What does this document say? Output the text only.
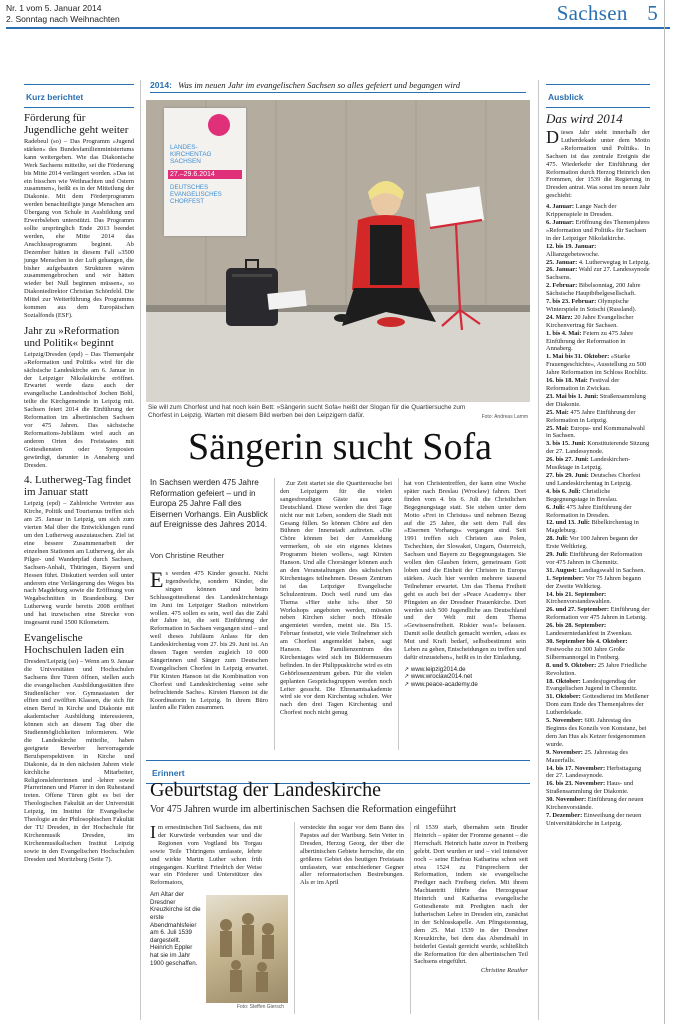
Nr. 1 vom 5. Januar 2014
2. Sonntag nach Weihnachten	Sachsen 5
Kurz berichtet
Förderung für Jugendliche geht weiter

Radebeul (so) – Das Programm »Jugend stärken« des Bundesfamilienministeriums kann weitergeben. Wie das Diakonische Werk Sachsens mitteilte, sei die Förderung bis Mitte 2014 verlängert worden. »Das ist ein bisschen wie Weihnachten und Ostern zusammen«, heißt es in der Mitteilung der Diakonie. Mit dem Förderprogramm werden benachteiligte junge Menschen am Übergang von Schule in Ausbildung und Erwerbsleben unterstützt. Das Programm sollte ursprünglich Ende 2013 beendet werden, ehe Mitte 2014 das Anschlussprogramm beginnt. Ab Dezember hätten in diesem Fall »3500 junge Menschen in der Luft gehangen, die bisher aufgebauten Strukturen wären zusammengebrochen und wir hätten wieder bei Null beginnen müssen«, so Diakoniedirektor Christian Schönfeld. Die Mittel zur Weiterführung des Programms kommen aus dem Europäischen Sozialfonds (ESF).

Jahr zu »Reformation und Politik« beginnt

Leipzig/Dresden (epd) – Das Themenjahr »Reformation und Politik« wird für die sächsische Landeskirche am 6. Januar in der Leipziger Nikolaikirche eröffnet. Erwartet werde dazu auch der evangelische Landesbischof Jochen Bohl, teilte die Kirchgemeinde in Leipzig mit. Sachsen feiert 2014 die Einführung der Reformation im albertinischen Sachsen vor 475 Jahren. Das sächsische Reformations-Jubiläum wird auch an anderen Orten des Freistaates mit Gottesdiensten oder Symposien gewürdigt, darunter in Annaberg und Dresden.

4. Lutherweg-Tag findet im Januar statt

Leipzig (epd) – Zahlreiche Vertreter aus Kirche, Politik und Tourismus treffen sich am 25. Januar in Leipzig, um sich zum vierten Mal über die Entwicklungen rund um den Lutherweg auszutauschen. Ziel ist eine bessere Zusammenarbeit der einzelnen Stationen am Lutherweg, der als Pilger- und Wanderpfad durch Sachsen, Sachsen-Anhalt, Thüringen, Bayern und Hessen führt. Diskutiert werden soll unter anderem eine Verlängerung des Weges bis nach Magdeburg sowie die Eröffnung von Wegabschnitten in Brandenburg. Der Lutherweg wurde bereits 2008 eröffnet und hat inzwischen eine Strecke von insgesamt rund 1500 Kilometern.

Evangelische Hochschulen laden ein

Dresden/Leipzig (so) – Wenn am 9. Januar die Universitäten und Hochschulen Sachsens ihre Türen öffnen, stellen auch die evangelischen Ausbildungsstätten ihre Studienfächer vor. Gymnasiasten der elften und zwölften Klassen, die sich für einen Beruf in Kirche und Diakonie mit akademischer Ausbildung interessieren, können sich an diesem Tag über die Studienmöglichkeiten informieren. Wie die Landeskirche mitteilte, haben geeignete Bewerber hervorragende Berufsperspektiven in Kirche und Diakonie, da in den nächsten Jahren viele kirchliche Mitarbeiter, Religionslehrerinnen und -lehrer sowie Pfarrerinnen und Pfarrer in den Ruhestand treten. Offene Türen gibt es bei der Theologischen Fakultät an der Universität Leipzig, im Institut für Evangelische Theologie an der Philosophischen Fakultät der TU Dresden, in der Hochschule für Kirchenmusik Dresden, im Kirchenmusikalischen Institut Leipzig sowie in den Evangelischen Hochschulen Dresden und Moritzburg (Seite 7).

2014: Was im neuen Jahr im evangelischen Sachsen so alles gefeiert und begangen wird
LANDES-
KIRCHENTAG
SACHSEN
27.–29.6.2014
DEUTSCHES
EVANGELISCHES
CHORFEST
Sie will zum Chorfest und hat noch kein Bett: »Sängerin sucht Sofa« heißt der Slogan für die Quartiersuche zum Chorfest in Leipzig. Warten mit diesem Bild werben bei den Leipzigern dafür.	Foto: Andreas Lamm
Sängerin sucht Sofa
In Sachsen werden 475 Jahre Reformation gefeiert – und in Europa 25 Jahre Fall des Eisernen Vorhangs. Ein Ausblick auf Ereignisse des Jahres 2014.
Von Christine Reuther

Es werden 475 Kinder gesucht. Nicht irgendwelche, sondern Kinder, die singen können und beim Schlussgottesdienst des Landeskirchentags im Juni im Leipziger Stadion mitwirken wollen. 475 sollen es sein, weil das die Zahl der Jahre ist, die seit Einführung der Reformation in Sachsen vergangen sind – und weil dieses Jubiläum Anlass für den Landeskirchentag vom 27. bis 29. Juni ist. An diesen Tagen werden zugleich 10 000 Sängerinnen und Sänger zum Deutschen Evangelischen Chorfest in Leipzig erwartet. Für Kirsten Hanson ist die Kombination von Chorfest und Landeskirchentag »eine sehr befruchtende Sache«. Kirsten Hanson ist die Koordinatorin in Leipzig. In ihrem Büro laufen alle Fäden zusammen.

Zur Zeit startet sie die Quartiersuche bei den Leipzigern für die vielen sangesfreudigen Gäste aus ganz Deutschland. Diese werden die drei Tage nicht nur mit Leben, sondern die Stadt mit Gesang füllen. So können Chöre auf den Bühnen der Innenstadt auftreten. »Die Chöre können bei der Anmeldung vermerken, ob sie ein eigenes kleines Programm bieten wollen«, sagt Kirsten Hanson. Und alle Chorsänger können auch an den Veranstaltungen des sächsischen Kirchentages teilnehmen. Dessen Zentrum ist das Leipziger Evangelische Schulzentrum. Doch weil rund um das Thema »Hier stehe ich« über 50 Workshops angeboten werden, müssten neben Kirchen sicher noch Hörsäle angemietet werden, meint sie. Bis 15. Februar festsetzt, wie viele Teilnehmer sich am Chorfest angemeldet haben, sagt Hanson. Das Familienzentrum des Kirchentages wird sich im Bildermuseum befinden. In der Philippuskirche wird es ein Gehörlosenzentrum geben. Für die vielen geplanten Gesprächsgruppen werden noch Leiter gesucht. Die Ehrenamtsakademie wird sie vor dem Kirchentag schulen. Wer nach den drei Tagen Kirchentag und Chorfest noch nicht genug

hat von Christentreffen, der kann eine Woche später nach Breslau (Wrocław) fahren. Dort finden vom 4. bis 6. Juli die Christlichen Begegnungstage statt. Sie stehen unter dem Motto »Frei in Christus« und nehmen Bezug auf die 25 Jahre, die seit dem Fall des »Eisernen Vorhangs« vergangen sind. Seit 1991 treffen sich Christen aus Polen, Tschechien, der Slowakei, Ungarn, Österreich, Sachsen und Bayern zu Begegnungstagen. Sie wollen den Glauben feiern, gemeinsam Gott loben und die Einheit der Christen in Europa stärken. Auch hier werden mehrere tausend Teilnehmer erwartet. Um das Thema Freiheit geht es auch bei der »Peace Academy« über Pfingsten an der Dresdner Frauenkirche. Dort werden sich 500 Jugendliche aus Deutschland und der Welt mit dem Thema »Gewissensfreiheit. Riskier was!« befassen. Damit solle deutlich gemacht werden, »dass es Mut und Kraft bedarf, selbstbestimmt sein Leben zu gehen, Entscheidungen zu treffen und dafür einzustehen«, heißt es in der Einladung.

↗ www.leipzig2014.de
↗ www.wroclaw2014.net
↗ www.peace-academy.de
Erinnert
Geburtstag der Landeskirche
Vor 475 Jahren wurde im albertinischen Sachsen die Reformation eingeführt

Im ernestinischen Teil Sachsens, das mit der Kurwürde verbunden war und die Regionen vom Vogtland bis Torgau sowie Teile Thüringens umfasste, lehrte und wirkte Martin Luther schon früh eingegangen. Kurfürst Friedrich der Weise war ein Förderer und Unterstützer des Reformators,

Am Altar der Dresdner Kreuzkirche ist die erste Abendmahlsfeier am 6. Juli 1539 dargestellt. Heinrich Eppler hat sie im Jahr 1900 geschaffen.
Foto: Steffen Giersch

versteckte ihn sogar vor dem Bann des Papstes auf der Wartburg. Sein Vetter in Dresden, Herzog Georg, der über die albertinischen Gebiete herrschte, die ein größeres Gebiet des heutigen Freistaats umfassten, war entschiedener Gegner aller reformatorischen Bestrebungen. Als er im April

ril 1539 starb, übernahm sein Bruder Heinrich – später der Fromme genannt – die Herrschaft. Heinrich hatte zuvor in Freiberg gelebt. Dort wurden er und – viel intensiver noch – seine Ehefrau Katharina schon seit etwa 1524 zu Fürsprechern der Reformation, indem sie evangelische Prediger nach Freiberg riefen. Mit ihrem Machtantritt führte das Herzogspaar Heinrich und Katharina evangelische Gottesdienste mit Predigten nach der lutherischen Lehre in Dresden ein, zunächst in der Schlosskapelle. Am Pfingstsonntag, dem 25. Mai 1539 in der Dresdner Kreuzkirche, bei dem das Abendmahl in beiderlei Gestalt gereicht wurde, schließlich die Reformation für den albertinischen Teil Sachsens eingeführt.

Christine Reuther
Ausblick
Das wird 2014

Dieses Jahr steht innerhalb der Lutherdekade unter dem Motto »Reformation und Politik«. In Sachsen ist das zentrale Ereignis die 475. Wiederkehr der Einführung der Reformation durch Herzog Heinrich den Frommen, der 1539 die Regierung in Dresden antrat. Was sonst im neuen Jahr geschieht:

4. Januar: Lange Nach der Krippenspiele in Dresden.

6. Januar: Eröffnung des Themenjahres »Reformation und Politik« für Sachsen in der Leipziger Nikolaikirche.

12. bis 19. Januar: Allianzgebetswoche.

25. Januar: 4. Lutherwegtag in Leipzig.

26. Januar: Wahl zur 27. Landessynode Sachsens.

2. Februar: Bibelsonntag, 200 Jahre Sächsische Hauptbibelgesellschaft.

7. bis 23. Februar: Olympische Winterspiele in Sotschi (Russland).

24. März: 20 Jahre Evangelischer Kirchenvertrag für Sachsen.

1. bis 4. Mai: Feiern zu 475 Jahre Einführung der Reformation in Annaberg.

1. Mai bis 31. Oktober: »Starke Frauengeschichte«, Ausstellung zu 500 Jahre Reformation im Schloss Rochlitz.

16. bis 18. Mai: Festival der Reformation in Zwickau.

23. Mai bis 1. Juni: Straßensammlung der Diakonie.

25. Mai: 475 Jahre Einführung der Reformation in Leipzig.

25. Mai: Europa- und Kommunalwahl in Sachsen.

3. bis 15. Juni: Konstituierende Sitzung der 27. Landessynode.

26. bis 27. Juni: Landeskirchen-Musiktage in Leipzig.

27. bis 29. Juni: Deutsches Chorfest und Landeskirchentag in Leipzig.

4. bis 6. Juli: Christliche Begegnungstage in Breslau.

6. Juli: 475 Jahre Einführung der Reformation in Dresden.

12. und 13. Juli: Bibelkirchentag in Magdeburg.

28. Juli: Vor 100 Jahren begann der Erste Weltkrieg.

29. Juli: Einführung der Reformation vor 475 Jahren in Chemnitz.

31. August: Landtagswahl in Sachsen.

1. September: Vor 75 Jahren begann der Zweite Weltkrieg.

14. bis 21. September: Kirchenvorstandswahlen.

26. und 27. September: Einführung der Reformation vor 475 Jahren in Leisnig.

26. bis 28. September: Landeserntedankfest in Zwenkau.

30. September bis 4. Oktober: Festwoche zu 300 Jahre Große Silbermannorgel in Freiberg.

8. und 9. Oktober: 25 Jahre Friedliche Revolution.

18. Oktober: Landesjugendtag der Evangelischen Jugend in Chemnitz.

31. Oktober: Gottesdienst im Meißener Dom zum Ende des Themenjahres der Lutherdekade.

5. November: 600. Jahrestag des Beginns des Konzils von Konstanz, bei dem Jan Hus als Ketzer festgenommen wurde.

9. November: 25. Jahrestag des Mauerfalls.

14. bis 17. November: Herbsttagung der 27. Landessynode.

16. bis 23. November: Haus- und Straßensammlung der Diakonie.

30. November: Einführung der neuen Kirchenvorstände.

7. Dezember: Einweihung der neuen Universitätskirche in Leipzig.
